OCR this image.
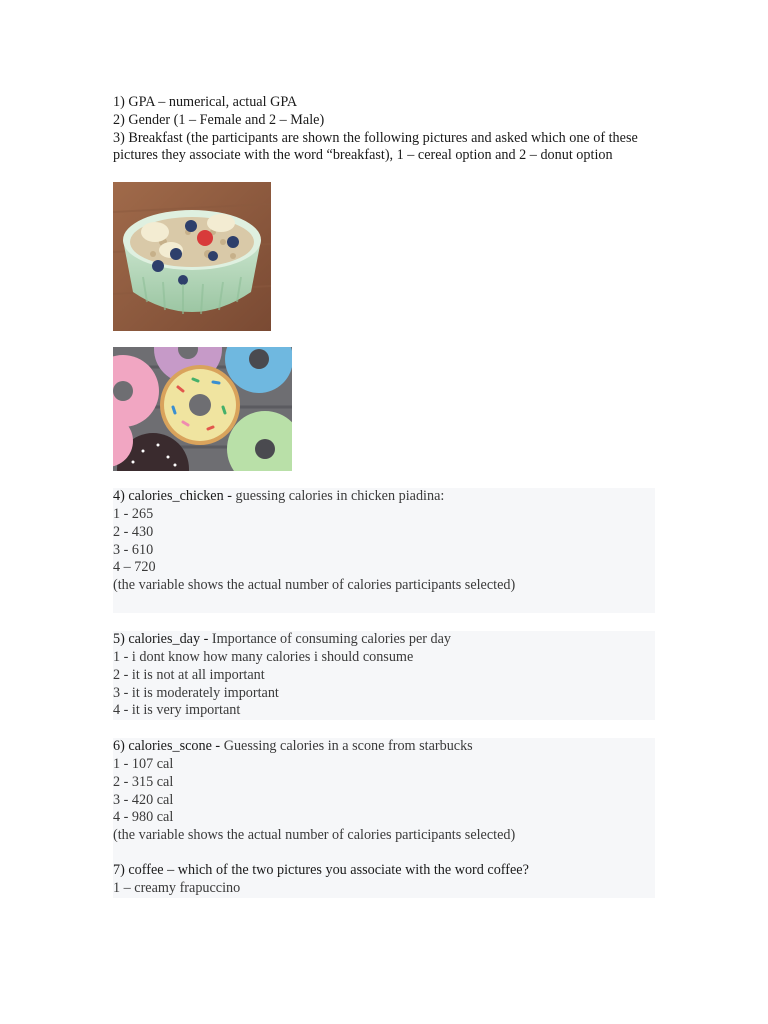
1) GPA – numerical, actual GPA
2) Gender (1 – Female and 2 – Male)
3) Breakfast (the participants are shown the following pictures and asked which one of these pictures they associate with the word “breakfast), 1 – cereal option and 2 – donut option
4) calories_chicken - guessing calories in chicken piadina:
1 - 265
2 - 430
3 - 610
4 – 720
(the variable shows the actual number of calories participants selected)
5) calories_day - Importance of consuming calories per day
1 - i dont know how many calories i should consume
2 - it is not at all important
3 - it is moderately important
4 - it is very important
6) calories_scone - Guessing calories in a scone from starbucks
1 - 107 cal
2 - 315 cal
3 - 420 cal
4 - 980 cal
(the variable shows the actual number of calories participants selected)
7) coffee – which of the two pictures you associate with the word coffee?
1 – creamy frapuccino
